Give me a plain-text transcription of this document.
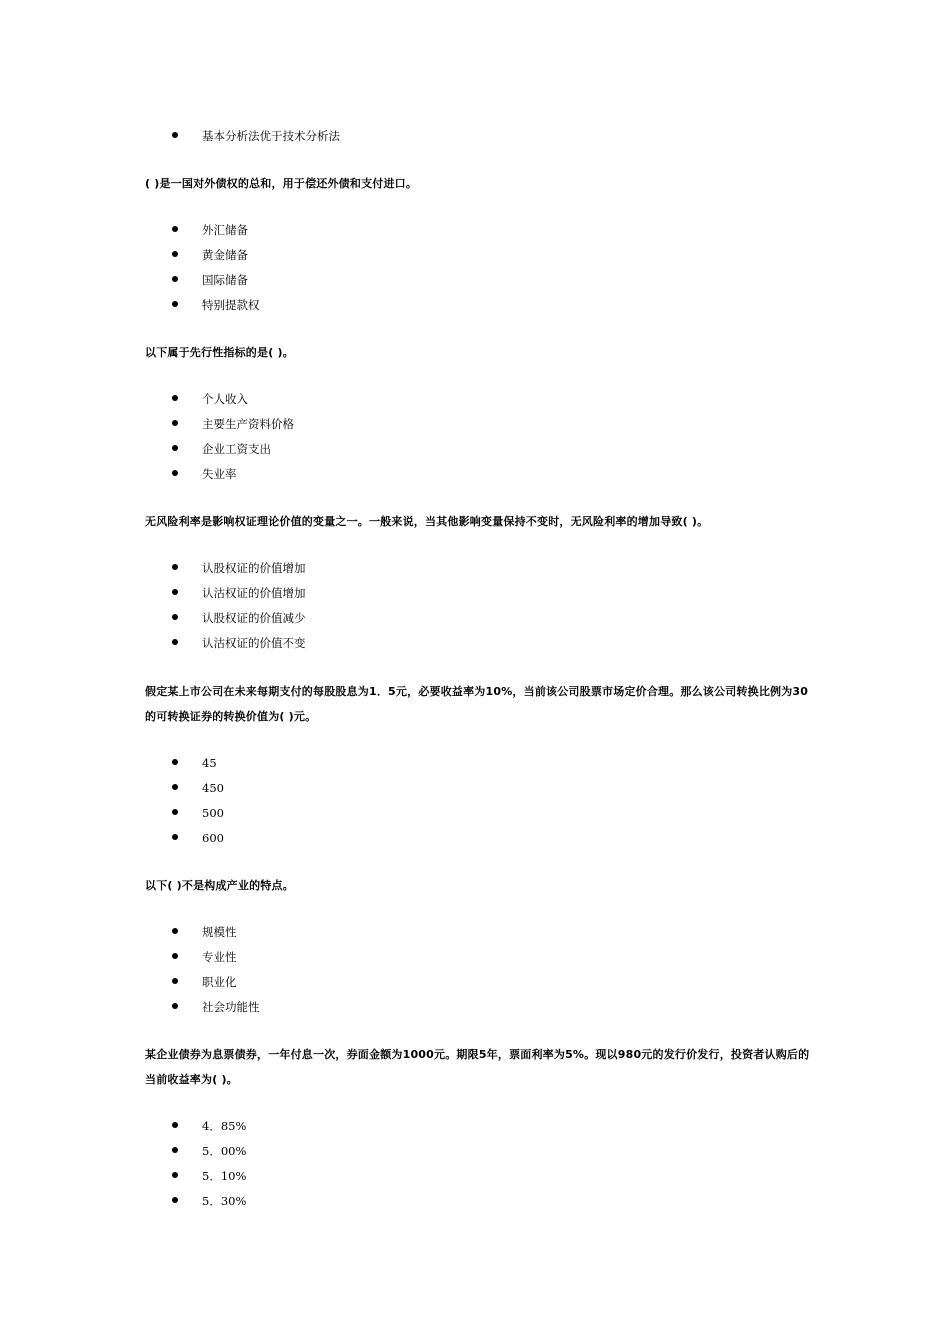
基本分析法优于技术分析法
( )是一国对外债权的总和，用于偿还外债和支付进口。
外汇储备
黄金储备
国际储备
特别提款权
以下属于先行性指标的是( )。
个人收入
主要生产资料价格
企业工资支出
失业率
无风险利率是影响权证理论价值的变量之一。一般来说，当其他影响变量保持不变时，无风险利率的增加导致( )。
认股权证的价值增加
认沽权证的价值增加
认股权证的价值减少
认沽权证的价值不变
假定某上市公司在未来每期支付的每股股息为1．5元，必要收益率为10%，当前该公司股票市场定价合理。那么该公司转换比例为30的可转换证券的转换价值为( )元。
45
450
500
600
以下( )不是构成产业的特点。
规模性
专业性
职业化
社会功能性
某企业债券为息票债券，一年付息一次，券面金额为1000元。期限5年，票面利率为5%。现以980元的发行价发行，投资者认购后的当前收益率为( )。
4．85%
5．00%
5．10%
5．30%
